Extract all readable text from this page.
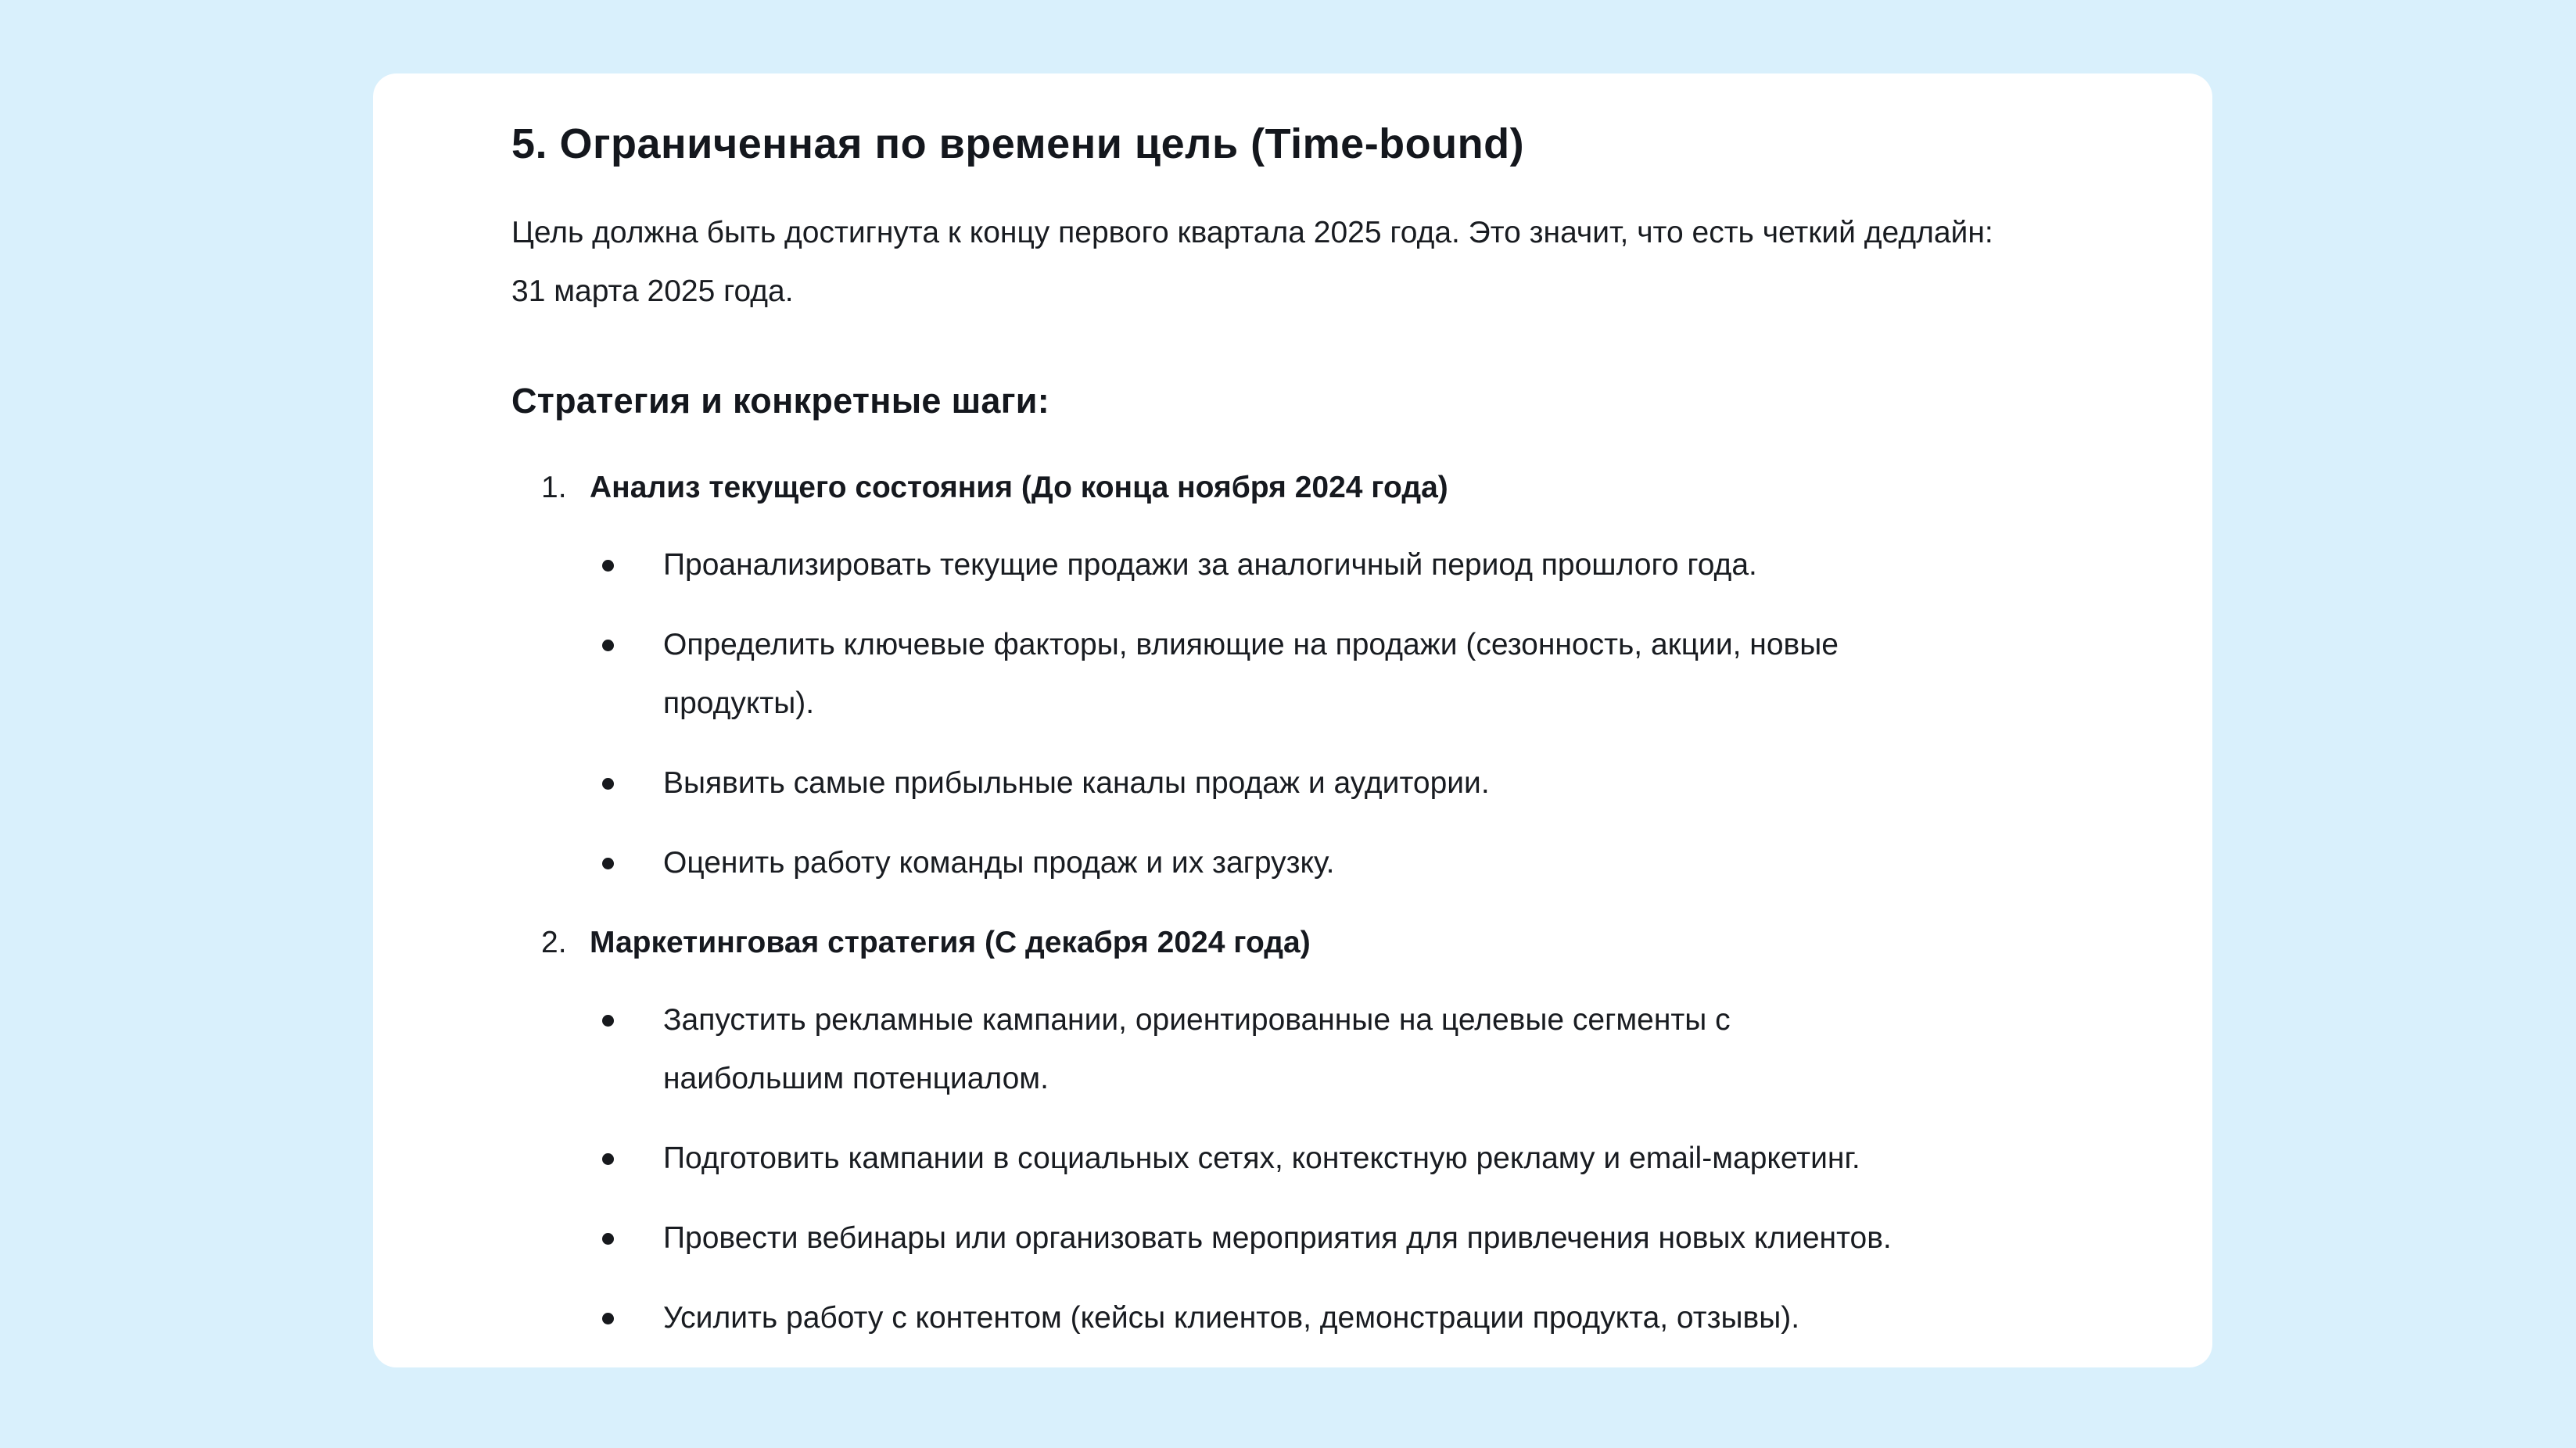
5. Ограниченная по времени цель (Time-bound)

Цель должна быть достигнута к концу первого квартала 2025 года. Это значит, что есть четкий дедлайн: 31 марта 2025 года.

Стратегия и конкретные шаги:
1. Анализ текущего состояния (До конца ноября 2024 года)
Проанализировать текущие продажи за аналогичный период прошлого года.
Определить ключевые факторы, влияющие на продажи (сезонность, акции, новые продукты).
Выявить самые прибыльные каналы продаж и аудитории.
Оценить работу команды продаж и их загрузку.
2. Маркетинговая стратегия (С декабря 2024 года)
Запустить рекламные кампании, ориентированные на целевые сегменты с наибольшим потенциалом.
Подготовить кампании в социальных сетях, контекстную рекламу и email-маркетинг.
Провести вебинары или организовать мероприятия для привлечения новых клиентов.
Усилить работу с контентом (кейсы клиентов, демонстрации продукта, отзывы).
